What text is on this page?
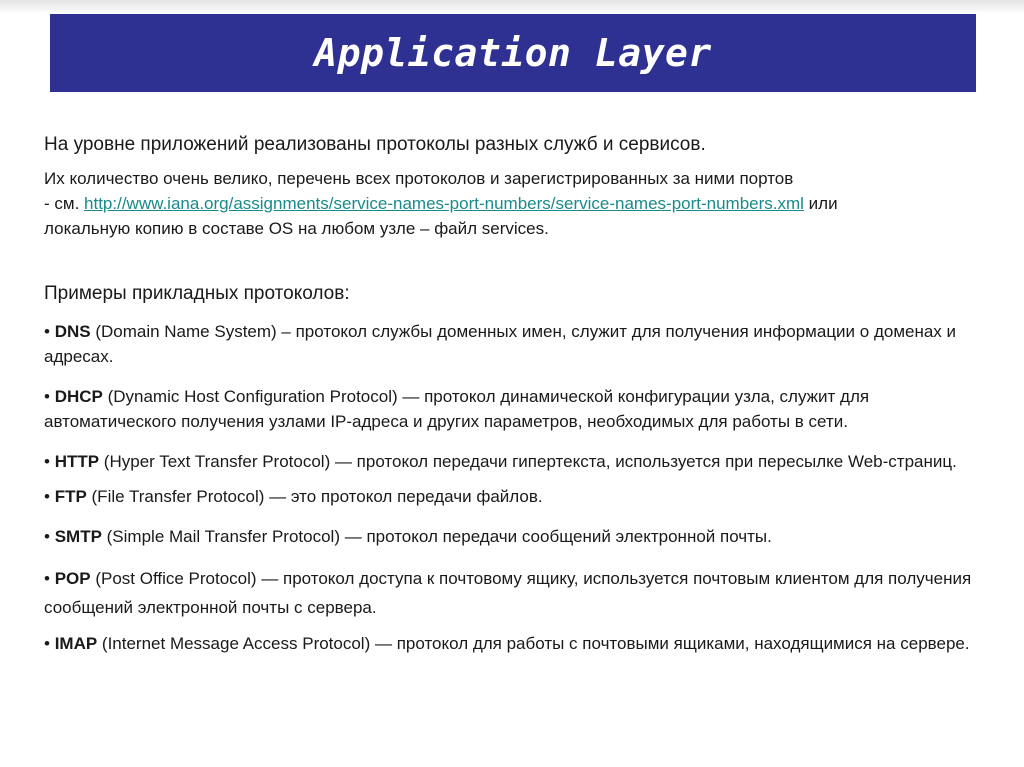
Application Layer

На уровне приложений реализованы протоколы разных служб и сервисов.

Их количество очень велико, перечень всех протоколов и зарегистрированных за ними портов
- см. http://www.iana.org/assignments/service-names-port-numbers/service-names-port-numbers.xml или
локальную копию в составе OS на любом узле – файл services.

Примеры прикладных протоколов:

• DNS (Domain Name System) – протокол службы доменных имен, служит для получения информации о доменах и адресах.
• DHCP (Dynamic Host Configuration Protocol) — протокол динамической конфигурации узла, служит для автоматического получения узлами IP-адреса и других параметров, необходимых для работы в сети.
• HTTP (Hyper Text Transfer Protocol) — протокол передачи гипертекста, используется при пересылке Web-страниц.
• FTP (File Transfer Protocol) — это протокол передачи файлов.
• SMTP (Simple Mail Transfer Protocol) — протокол передачи сообщений электронной почты.
• POP (Post Office Protocol) — протокол доступа к почтовому ящику, используется почтовым клиентом для получения сообщений электронной почты с сервера.
• IMAP (Internet Message Access Protocol) — протокол для работы с почтовыми ящиками, находящимися на сервере.
